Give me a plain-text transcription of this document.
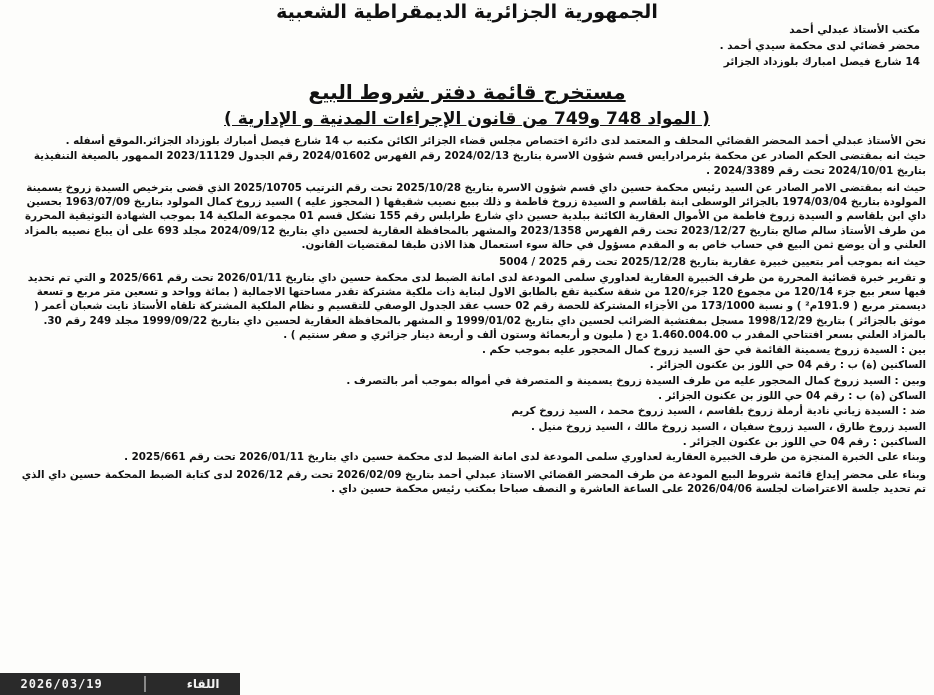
الجمهورية الجزائرية الديمقراطية الشعبية
مكتب الأستاذ عبدلي أحمد
محضر قضائي لدى محكمة سيدي أحمد .
14 شارع فيصل امبارك بلوزداد الجزائر
مستخرج قائمة دفتر شروط البيع
( المواد 748 و749 من قانون الإجراءات المدنية و الإدارية )

نحن الأستاذ عبدلي أحمد المحضر القضائي المحلف و المعتمد لدى دائرة اختصاص مجلس قضاء الجزائر الكائن مكتبه ب 14 شارع فيصل أمبارك بلوزداد الجزائر.الموقع أسفله .

حيث انه بمقتضى الحكم الصادر عن محكمة بئرمرادرايس قسم شؤون الاسرة بتاريخ 2024/02/13 رقم الفهرس 2024/01602 رقم الجدول 2023/11129 الممهور بالصيغة التنفيذية بتاريخ 2024/10/01 تحت رقم 2024/3389 .

حيث انه بمقتضى الامر الصادر عن السيد رئيس محكمة حسين داي قسم شؤون الاسرة بتاريخ 2025/10/28 تحت رقم الترتيب 2025/10705 الذي قضى بترخيص السيدة زروخ يسمينة المولودة بتاريخ 1974/03/04 بالجزائر الوسطى ابنة بلقاسم و السيدة زروخ فاطمة و ذلك ببيع نصيب شقيقها ( المحجوز عليه ) السيد زروخ كمال المولود بتاريخ 1963/07/09 بحسين داي ابن بلقاسم و السيدة زروخ فاطمة من الأموال العقارية الكائنة ببلدية حسين داي شارع طرابلس رقم 155 تشكل قسم 01 مجموعة الملكية 14 بموجب الشهادة التوثيقية المحررة من طرف الأستاذ سالم صالح بتاريخ 2023/12/27 تحت رقم الفهرس 2023/1358 والمشهر بالمحافظة العقارية لحسين داي بتاريخ 2024/09/12 مجلد 693 على أن يباع نصيبه بالمزاد العلني و أن يوضع ثمن البيع في حساب خاص به و المقدم مسؤول في حالة سوء استعمال هذا الاذن طبقا لمقتضيات القانون.

حيث انه بموجب أمر بتعيين خبيرة عقارية بتاريخ 2025/12/28 تحت رقم 2025 / 5004

و تقرير خبرة قضائية المحررة من طرف الخبيرة العقارية لعداوري سلمى المودعة لدى امانة الضبط لدى محكمة حسين داي بتاريخ 2026/01/11 تحت رقم 2025/661 و التي تم تحديد فيها سعر بيع جزء 120/14 من مجموع 120 جزء/120 من شقة سكنية تقع بالطابق الاول لبناية ذات ملكية مشتركة تقدر مساحتها الاجمالية ( بمائة وواحد و تسعين متر مربع و تسعة ديسمتر مربع ( 191.9م² ) و نسبة 173/1000 من الأجزاء المشتركة للحصة رقم 02 حسب عقد الجدول الوصفي للتقسيم و نظام الملكية المشتركة تلقاه الأستاذ نايت شعبان أعمر ( موثق بالجزائر ) بتاريخ 1998/12/29 مسجل بمفتشية الضرائب لحسين داي بتاريخ 1999/01/02 و المشهر بالمحافظة العقارية لحسين داي بتاريخ 1999/09/22 مجلد 249 رقم 30. بالمزاد العلني بسعر افتتاحي المقدر ب 1.460.004.00 دج ( مليون و أربعمائة وستون ألف و أربعة دينار جزائري و صفر سنتيم ) .

بين : السيدة زروخ يسمينة القائمة في حق السيد زروخ كمال المحجور عليه بموجب حكم .

الساكنين (ة) ب : رقم 04 حي اللوز بن عكنون الجزائر .

وبين : السيد زروخ كمال المحجور عليه من طرف السيدة زروخ يسمينة و المتصرفة في أمواله بموجب أمر بالتصرف .

الساكن (ة) ب : رقم 04 حي اللوز بن عكنون الجزائر .

ضد : السيدة زياني نادية أرملة زروخ بلقاسم ، السيد زروخ محمد ، السيد زروخ كريم

السيد زروخ طارق ، السيد زروخ سفيان ، السيد زروخ مالك ، السيد زروخ منيل .

الساكنين : رقم 04 حي اللوز بن عكنون الجزائر .

وبناء على الخبرة المنجزة من طرف الخبيرة العقارية لعداوري سلمى المودعة لدى امانة الضبط لدى محكمة حسين داي بتاريخ 2026/01/11 تحت رقم 2025/661 .

وبناء على محضر إيداع قائمة شروط البيع المودعة من طرف المحضر القضائي الاستاذ عبدلي أحمد بتاريخ 2026/02/09 تحت رقم 2026/12 لدى كتابة الضبط المحكمة حسين داي الذي تم تحديد جلسة الاعتراضات لجلسة 2026/04/06 على الساعة العاشرة و النصف صباحا بمكتب رئيس محكمة حسين داي .

اللقاء
2026/03/19
